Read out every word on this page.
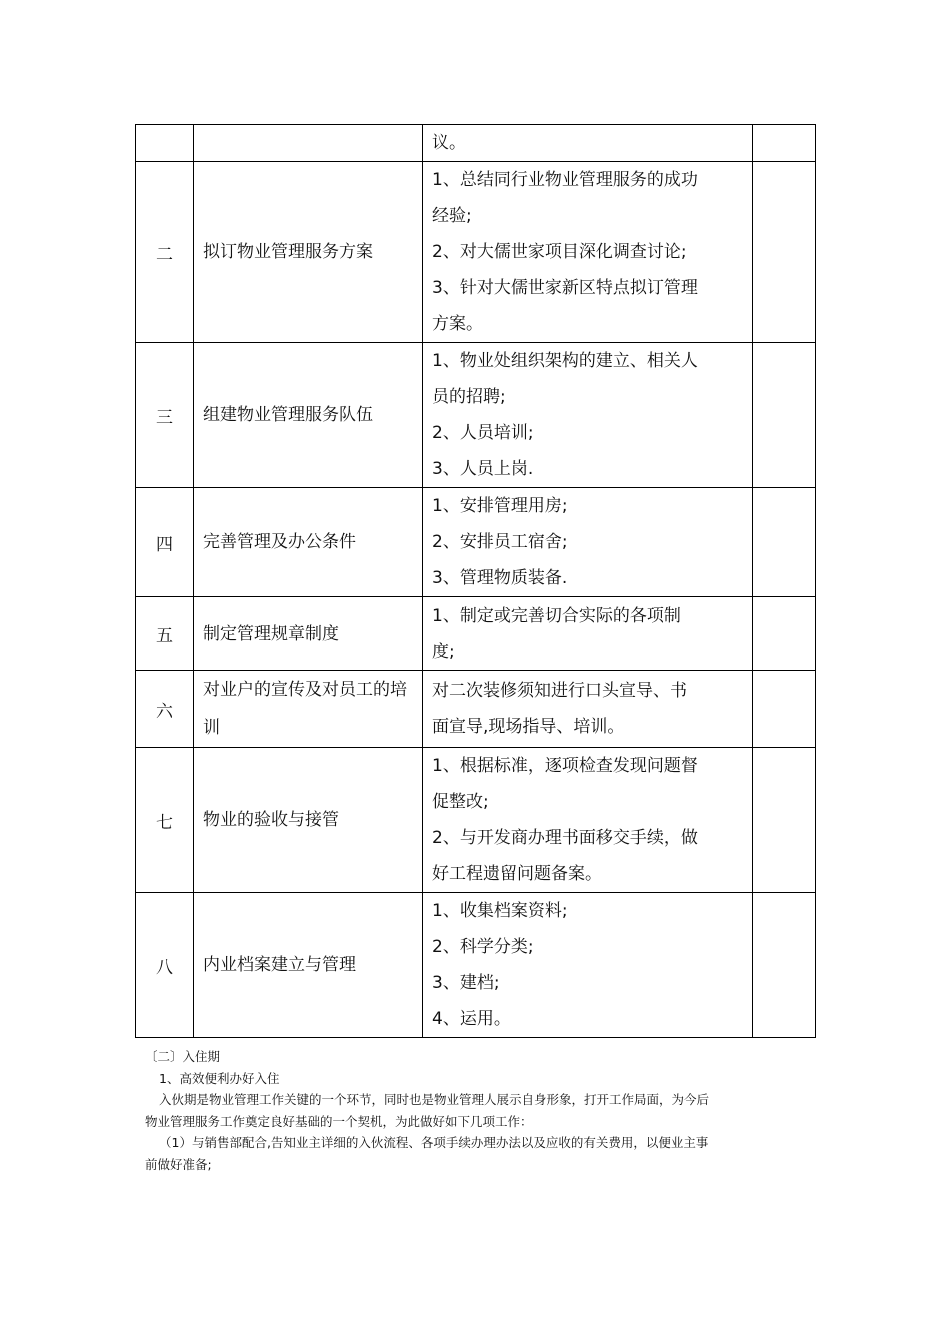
		议。	

二	拟订物业管理服务方案	1、总结同行业物业管理服务的成功
经验;
2、对大儒世家项目深化调查讨论;
3、针对大儒世家新区特点拟订管理
方案。	

三	组建物业管理服务队伍	1、物业处组织架构的建立、相关人
员的招聘;
2、人员培训;
3、人员上岗.	

四	完善管理及办公条件	1、安排管理用房;
2、安排员工宿舍;
3、管理物质装备.	

五	制定管理规章制度	1、制定或完善切合实际的各项制
度;	

六	对业户的宣传及对员工的培训	对二次装修须知进行口头宣导、书
面宣导,现场指导、培训。	

七	物业的验收与接管	1、根据标准，逐项检查发现问题督
促整改;
2、与开发商办理书面移交手续，做
好工程遗留问题备案。	

八	内业档案建立与管理	1、收集档案资料;
2、科学分类;
3、建档;
4、运用。	

〔二〕入住期

1、高效便利办好入住

入伙期是物业管理工作关键的一个环节，同时也是物业管理人展示自身形象，打开工作局面，为今后

物业管理服务工作奠定良好基础的一个契机，为此做好如下几项工作：

（1）与销售部配合,告知业主详细的入伙流程、各项手续办理办法以及应收的有关费用，以便业主事

前做好准备;
